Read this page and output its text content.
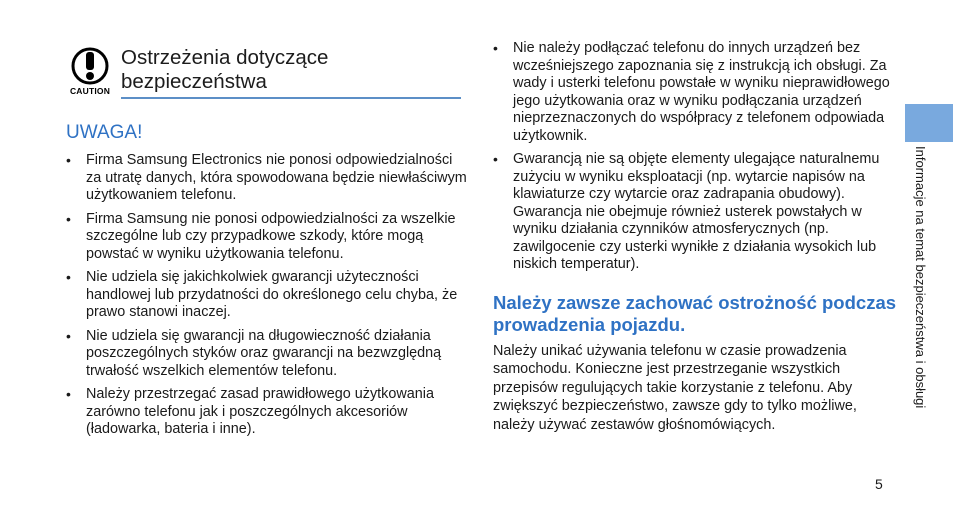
CAUTION
Ostrzeżenia dotyczące bezpieczeństwa
UWAGA!
• Firma Samsung Electronics nie ponosi odpowiedzialności za utratę danych, która spowodowana będzie niewłaściwym użytkowaniem telefonu.
• Firma Samsung nie ponosi odpowiedzialności za wszelkie szczególne lub czy przypadkowe szkody, które mogą powstać w wyniku użytkowania telefonu.
• Nie udziela się jakichkolwiek gwarancji użyteczności handlowej lub przydatności do określonego celu chyba, że prawo stanowi inaczej.
• Nie udziela się gwarancji na długowieczność działania poszczególnych styków oraz gwarancji na bezwzględną trwałość wszelkich elementów telefonu.
• Należy przestrzegać zasad prawidłowego użytkowania zarówno telefonu jak i poszczególnych akcesoriów (ładowarka, bateria i inne).
• Nie należy podłączać telefonu do innych urządzeń bez wcześniejszego zapoznania się z instrukcją ich obsługi. Za wady i usterki telefonu powstałe w wyniku nieprawidłowego jego użytkowania oraz w wyniku podłączania urządzeń nieprzeznaczonych do współpracy z telefonem odpowiada użytkownik.
• Gwarancją nie są objęte elementy ulegające naturalnemu zużyciu w wyniku eksploatacji (np. wytarcie napisów na klawiaturze czy wytarcie oraz zadrapania obudowy). Gwarancja nie obejmuje również usterek powstałych w wyniku działania czynników atmosferycznych (np. zawilgocenie czy usterki wynikłe z działania wysokich lub niskich temperatur).
Należy zawsze zachować ostrożność podczas prowadzenia pojazdu.

Należy unikać używania telefonu w czasie prowadzenia samochodu. Konieczne jest przestrzeganie wszystkich przepisów regulujących takie korzystanie z telefonu. Aby zwiększyć bezpieczeństwo, zawsze gdy to tylko możliwe, należy używać zestawów głośnomówiących.

Informacje na temat bezpieczeństwa i obsługi
5
